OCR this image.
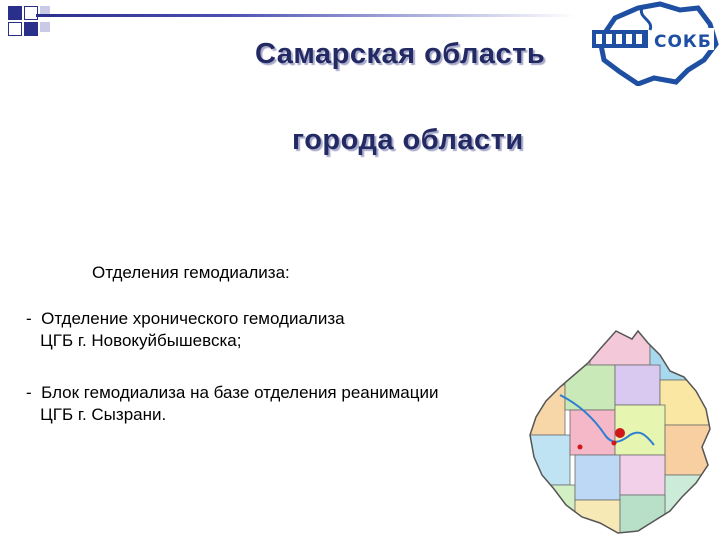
СОКБ
Самарская область
города области
Отделения гемодиализа:
-  Отделение хронического гемодиализа
ЦГБ г. Новокуйбышевска;
-  Блок гемодиализа на базе отделения реанимации
ЦГБ г. Сызрани.
